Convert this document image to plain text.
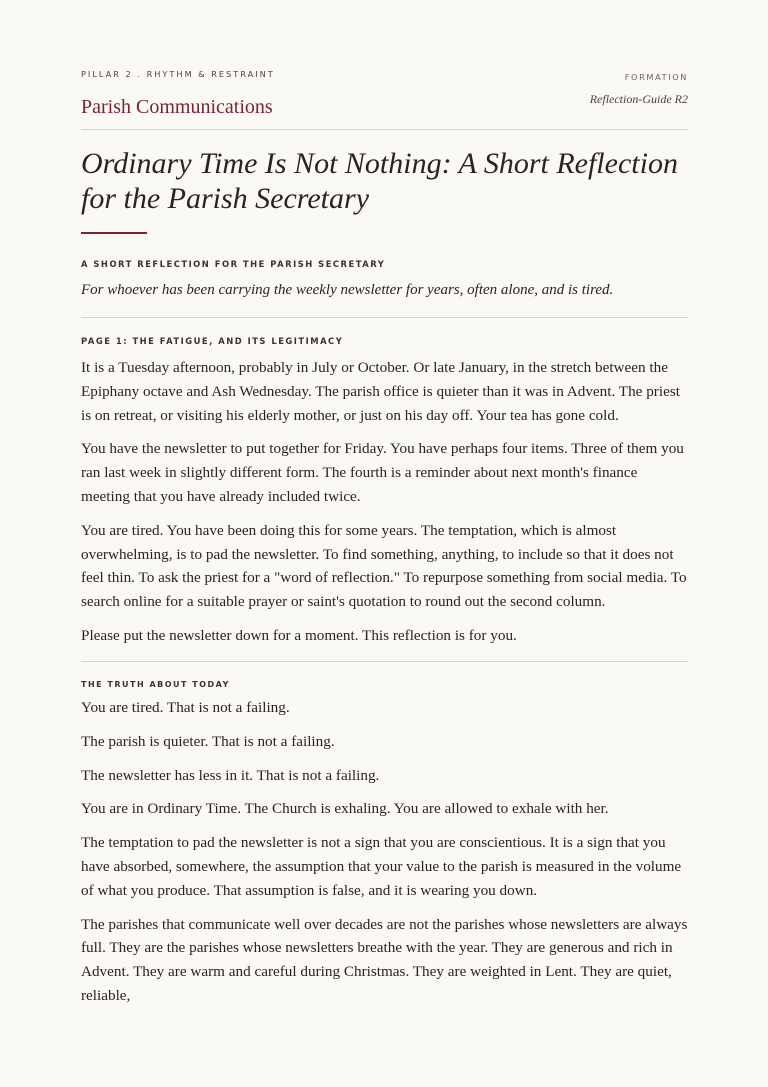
PILLAR 2 . RHYTHM & RESTRAINT
Parish Communications
FORMATION
Reflection-Guide R2
Ordinary Time Is Not Nothing: A Short Reflection for the Parish Secretary
A SHORT REFLECTION FOR THE PARISH SECRETARY
For whoever has been carrying the weekly newsletter for years, often alone, and is tired.
PAGE 1: THE FATIGUE, AND ITS LEGITIMACY

It is a Tuesday afternoon, probably in July or October. Or late January, in the stretch between the Epiphany octave and Ash Wednesday. The parish office is quieter than it was in Advent. The priest is on retreat, or visiting his elderly mother, or just on his day off. Your tea has gone cold.

You have the newsletter to put together for Friday. You have perhaps four items. Three of them you ran last week in slightly different form. The fourth is a reminder about next month's finance meeting that you have already included twice.

You are tired. You have been doing this for some years. The temptation, which is almost overwhelming, is to pad the newsletter. To find something, anything, to include so that it does not feel thin. To ask the priest for a "word of reflection." To repurpose something from social media. To search online for a suitable prayer or saint's quotation to round out the second column.

Please put the newsletter down for a moment. This reflection is for you.

THE TRUTH ABOUT TODAY

You are tired. That is not a failing.

The parish is quieter. That is not a failing.

The newsletter has less in it. That is not a failing.

You are in Ordinary Time. The Church is exhaling. You are allowed to exhale with her.

The temptation to pad the newsletter is not a sign that you are conscientious. It is a sign that you have absorbed, somewhere, the assumption that your value to the parish is measured in the volume of what you produce. That assumption is false, and it is wearing you down.

The parishes that communicate well over decades are not the parishes whose newsletters are always full. They are the parishes whose newsletters breathe with the year. They are generous and rich in Advent. They are warm and careful during Christmas. They are weighted in Lent. They are quiet, reliable,
